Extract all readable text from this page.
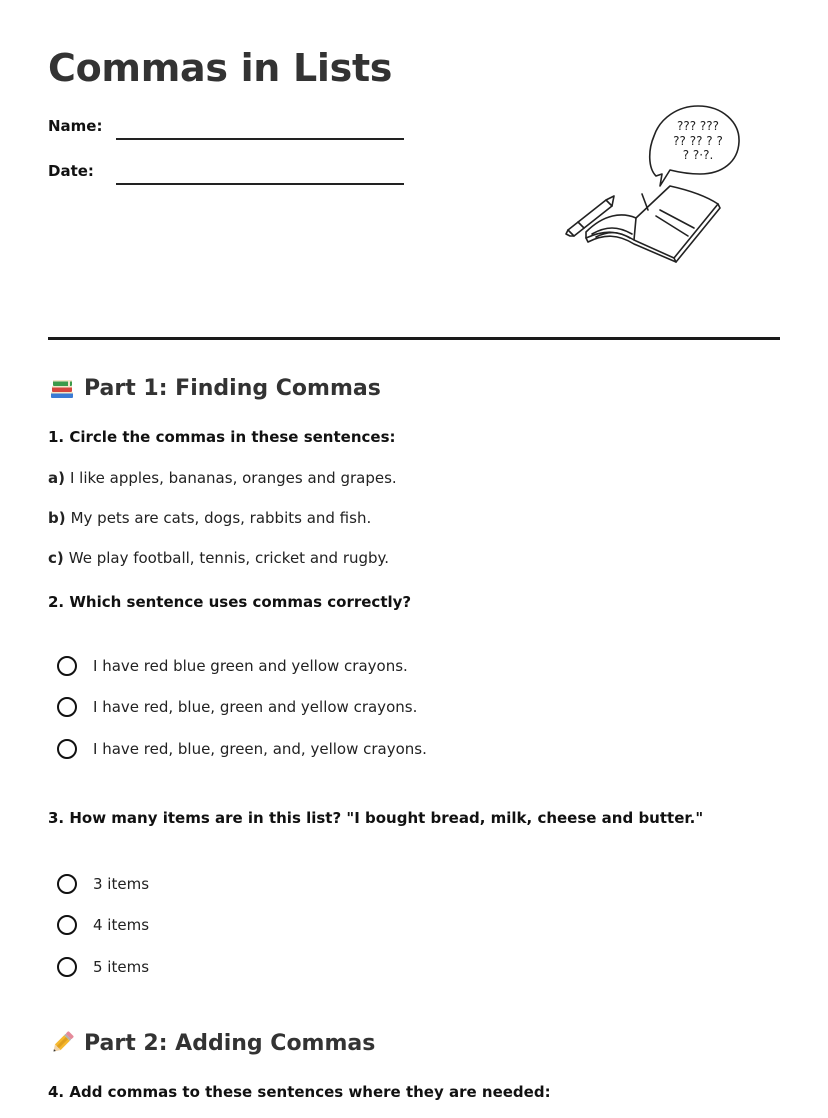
Commas in Lists
Name:
Date:
??? ???
?? ?? ? ?
? ?·?.
Part 1: Finding Commas
1. Circle the commas in these sentences:
a) I like apples, bananas, oranges and grapes.
b) My pets are cats, dogs, rabbits and fish.
c) We play football, tennis, cricket and rugby.
2. Which sentence uses commas correctly?
I have red blue green and yellow crayons.
I have red, blue, green and yellow crayons.
I have red, blue, green, and, yellow crayons.
3. How many items are in this list? "I bought bread, milk, cheese and butter."
3 items
4 items
5 items
Part 2: Adding Commas
4. Add commas to these sentences where they are needed:
